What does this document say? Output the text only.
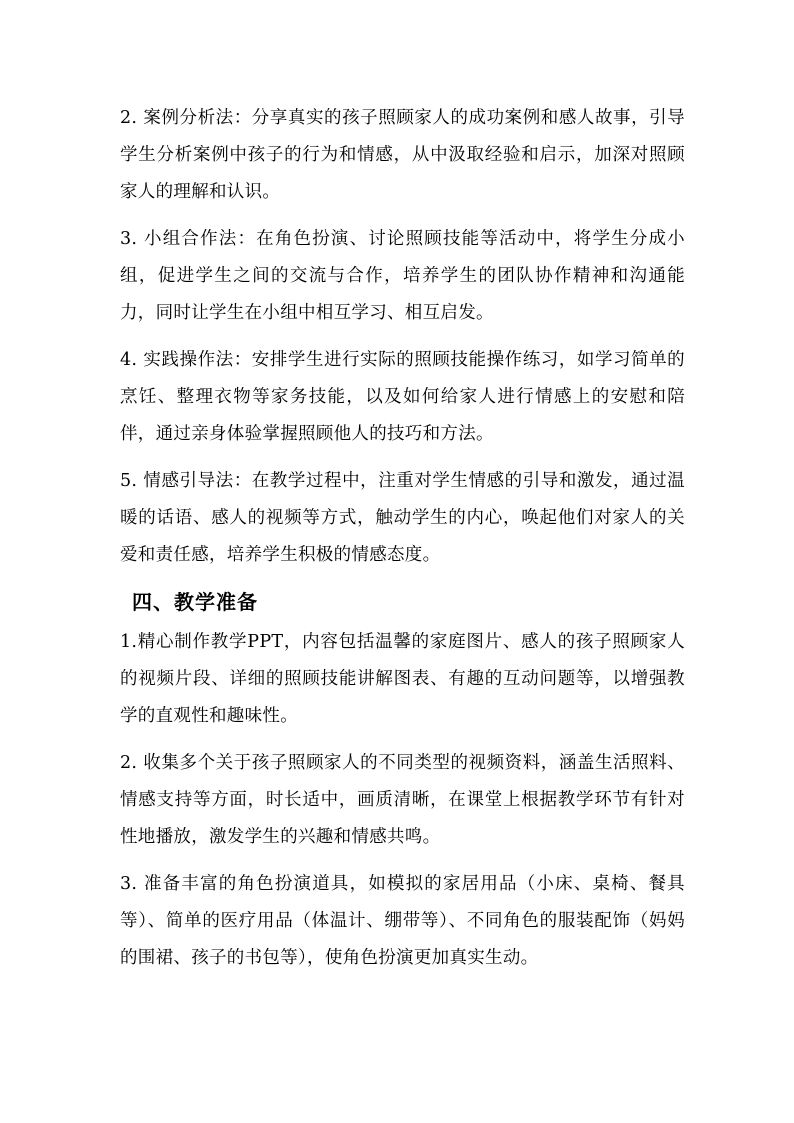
2. 案例分析法：分享真实的孩子照顾家人的成功案例和感人故事，引导学生分析案例中孩子的行为和情感，从中汲取经验和启示，加深对照顾家人的理解和认识。

3. 小组合作法：在角色扮演、讨论照顾技能等活动中，将学生分成小组，促进学生之间的交流与合作，培养学生的团队协作精神和沟通能力，同时让学生在小组中相互学习、相互启发。

4. 实践操作法：安排学生进行实际的照顾技能操作练习，如学习简单的烹饪、整理衣物等家务技能，以及如何给家人进行情感上的安慰和陪伴，通过亲身体验掌握照顾他人的技巧和方法。

5. 情感引导法：在教学过程中，注重对学生情感的引导和激发，通过温暖的话语、感人的视频等方式，触动学生的内心，唤起他们对家人的关爱和责任感，培养学生积极的情感态度。

四、教学准备

1.精心制作教学PPT，内容包括温馨的家庭图片、感人的孩子照顾家人的视频片段、详细的照顾技能讲解图表、有趣的互动问题等，以增强教学的直观性和趣味性。

2. 收集多个关于孩子照顾家人的不同类型的视频资料，涵盖生活照料、情感支持等方面，时长适中，画质清晰，在课堂上根据教学环节有针对性地播放，激发学生的兴趣和情感共鸣。

3. 准备丰富的角色扮演道具，如模拟的家居用品（小床、桌椅、餐具等）、简单的医疗用品（体温计、绷带等）、不同角色的服装配饰（妈妈的围裙、孩子的书包等），使角色扮演更加真实生动。
